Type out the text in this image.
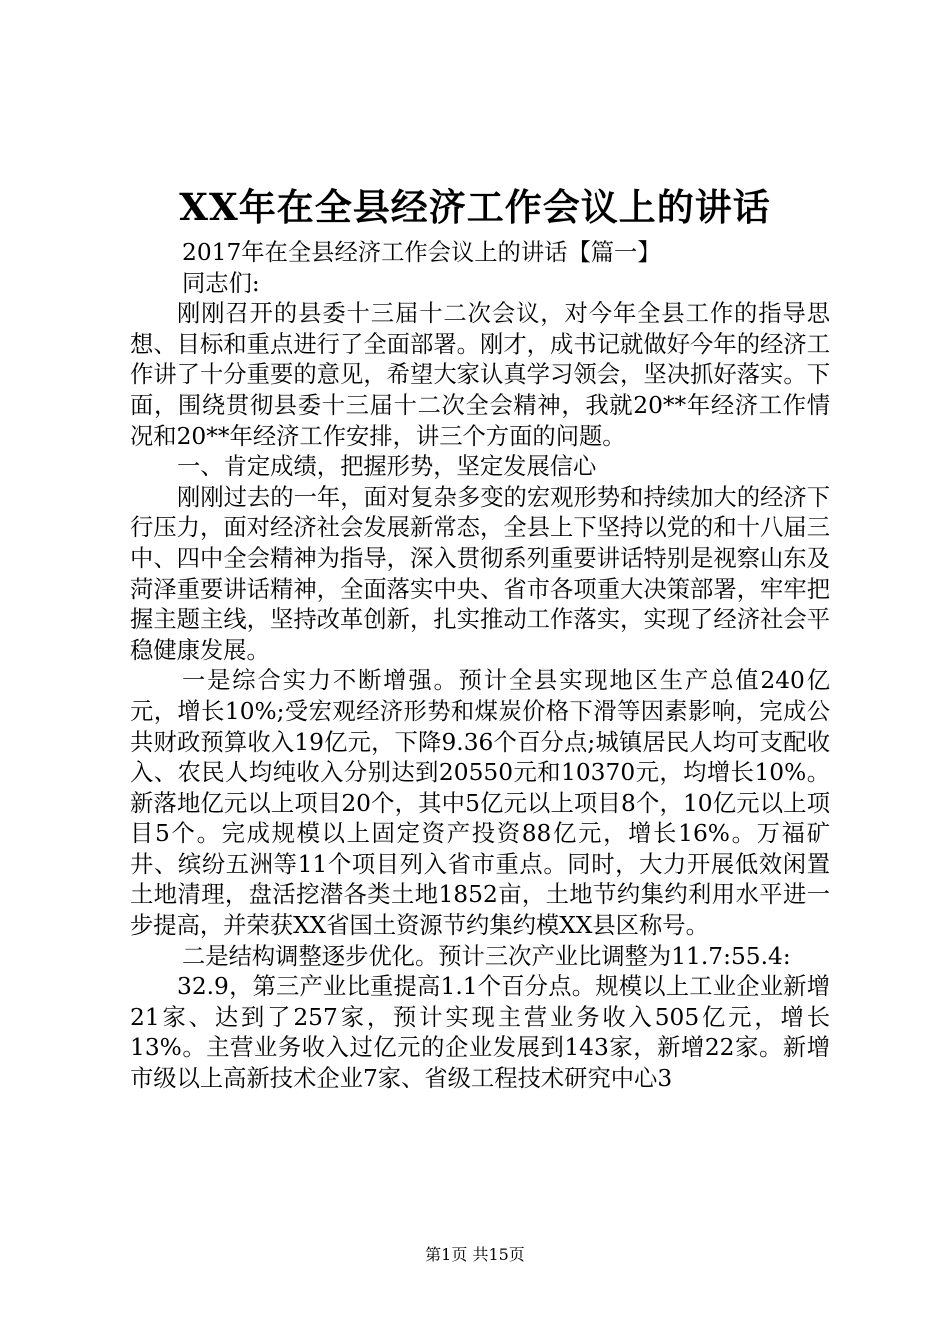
XX年在全县经济工作会议上的讲话

2017年在全县经济工作会议上的讲话【篇一】

同志们:

刚刚召开的县委十三届十二次会议，对今年全县工作的指导思想、目标和重点进行了全面部署。刚才，成书记就做好今年的经济工作讲了十分重要的意见，希望大家认真学习领会，坚决抓好落实。下面，围绕贯彻县委十三届十二次全会精神，我就20**年经济工作情况和20**年经济工作安排，讲三个方面的问题。

一、肯定成绩，把握形势，坚定发展信心

刚刚过去的一年，面对复杂多变的宏观形势和持续加大的经济下行压力，面对经济社会发展新常态，全县上下坚持以党的和十八届三中、四中全会精神为指导，深入贯彻系列重要讲话特别是视察山东及菏泽重要讲话精神，全面落实中央、省市各项重大决策部署，牢牢把握主题主线，坚持改革创新，扎实推动工作落实，实现了经济社会平稳健康发展。

一是综合实力不断增强。预计全县实现地区生产总值240亿元，增长10%;受宏观经济形势和煤炭价格下滑等因素影响，完成公共财政预算收入19亿元，下降9.36个百分点;城镇居民人均可支配收入、农民人均纯收入分别达到20550元和10370元，均增长10%。新落地亿元以上项目20个，其中5亿元以上项目8个，10亿元以上项目5个。完成规模以上固定资产投资88亿元，增长16%。万福矿井、缤纷五洲等11个项目列入省市重点。同时，大力开展低效闲置土地清理，盘活挖潜各类土地1852亩，土地节约集约利用水平进一步提高，并荣获XX省国土资源节约集约模XX县区称号。

二是结构调整逐步优化。预计三次产业比调整为11.7:55.4:

32.9，第三产业比重提高1.1个百分点。规模以上工业企业新增21家、达到了257家，预计实现主营业务收入505亿元，增长13%。主营业务收入过亿元的企业发展到143家，新增22家。新增市级以上高新技术企业7家、省级工程技术研究中心3

第1页 共15页
